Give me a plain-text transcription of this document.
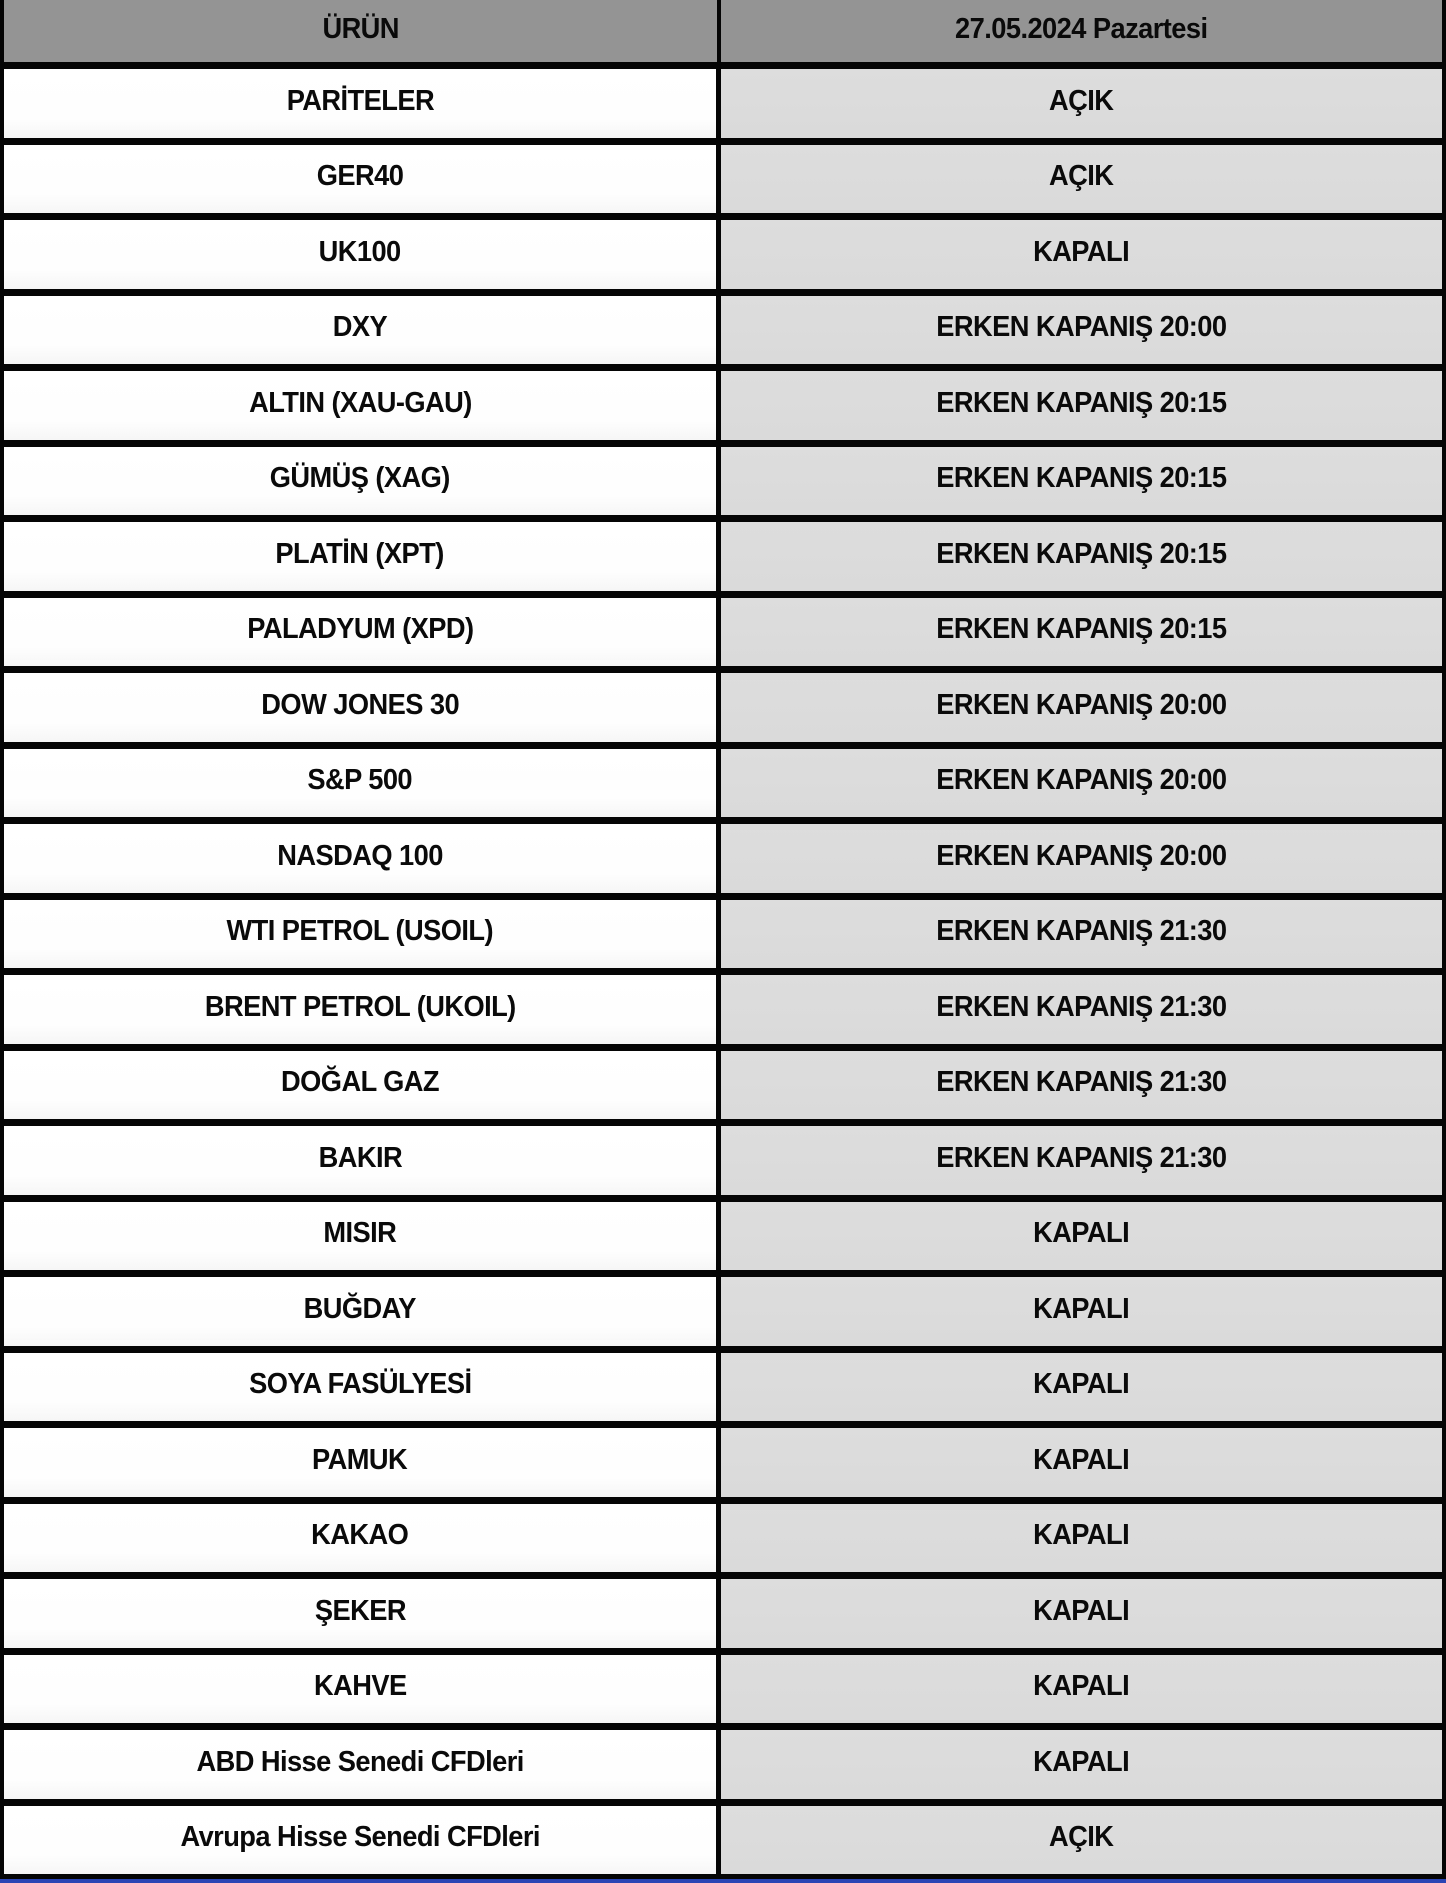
ÜRÜN	27.05.2024 Pazartesi
PARİTELER	AÇIK
GER40	AÇIK
UK100	KAPALI
DXY	ERKEN KAPANIŞ 20:00
ALTIN (XAU-GAU)	ERKEN KAPANIŞ 20:15
GÜMÜŞ (XAG)	ERKEN KAPANIŞ 20:15
PLATİN (XPT)	ERKEN KAPANIŞ 20:15
PALADYUM (XPD)	ERKEN KAPANIŞ 20:15
DOW JONES 30	ERKEN KAPANIŞ 20:00
S&P 500	ERKEN KAPANIŞ 20:00
NASDAQ 100	ERKEN KAPANIŞ 20:00
WTI PETROL (USOIL)	ERKEN KAPANIŞ 21:30
BRENT PETROL (UKOIL)	ERKEN KAPANIŞ 21:30
DOĞAL GAZ	ERKEN KAPANIŞ 21:30
BAKIR	ERKEN KAPANIŞ 21:30
MISIR	KAPALI
BUĞDAY	KAPALI
SOYA FASÜLYESİ	KAPALI
PAMUK	KAPALI
KAKAO	KAPALI
ŞEKER	KAPALI
KAHVE	KAPALI
ABD Hisse Senedi CFDleri	KAPALI
Avrupa Hisse Senedi CFDleri	AÇIK
